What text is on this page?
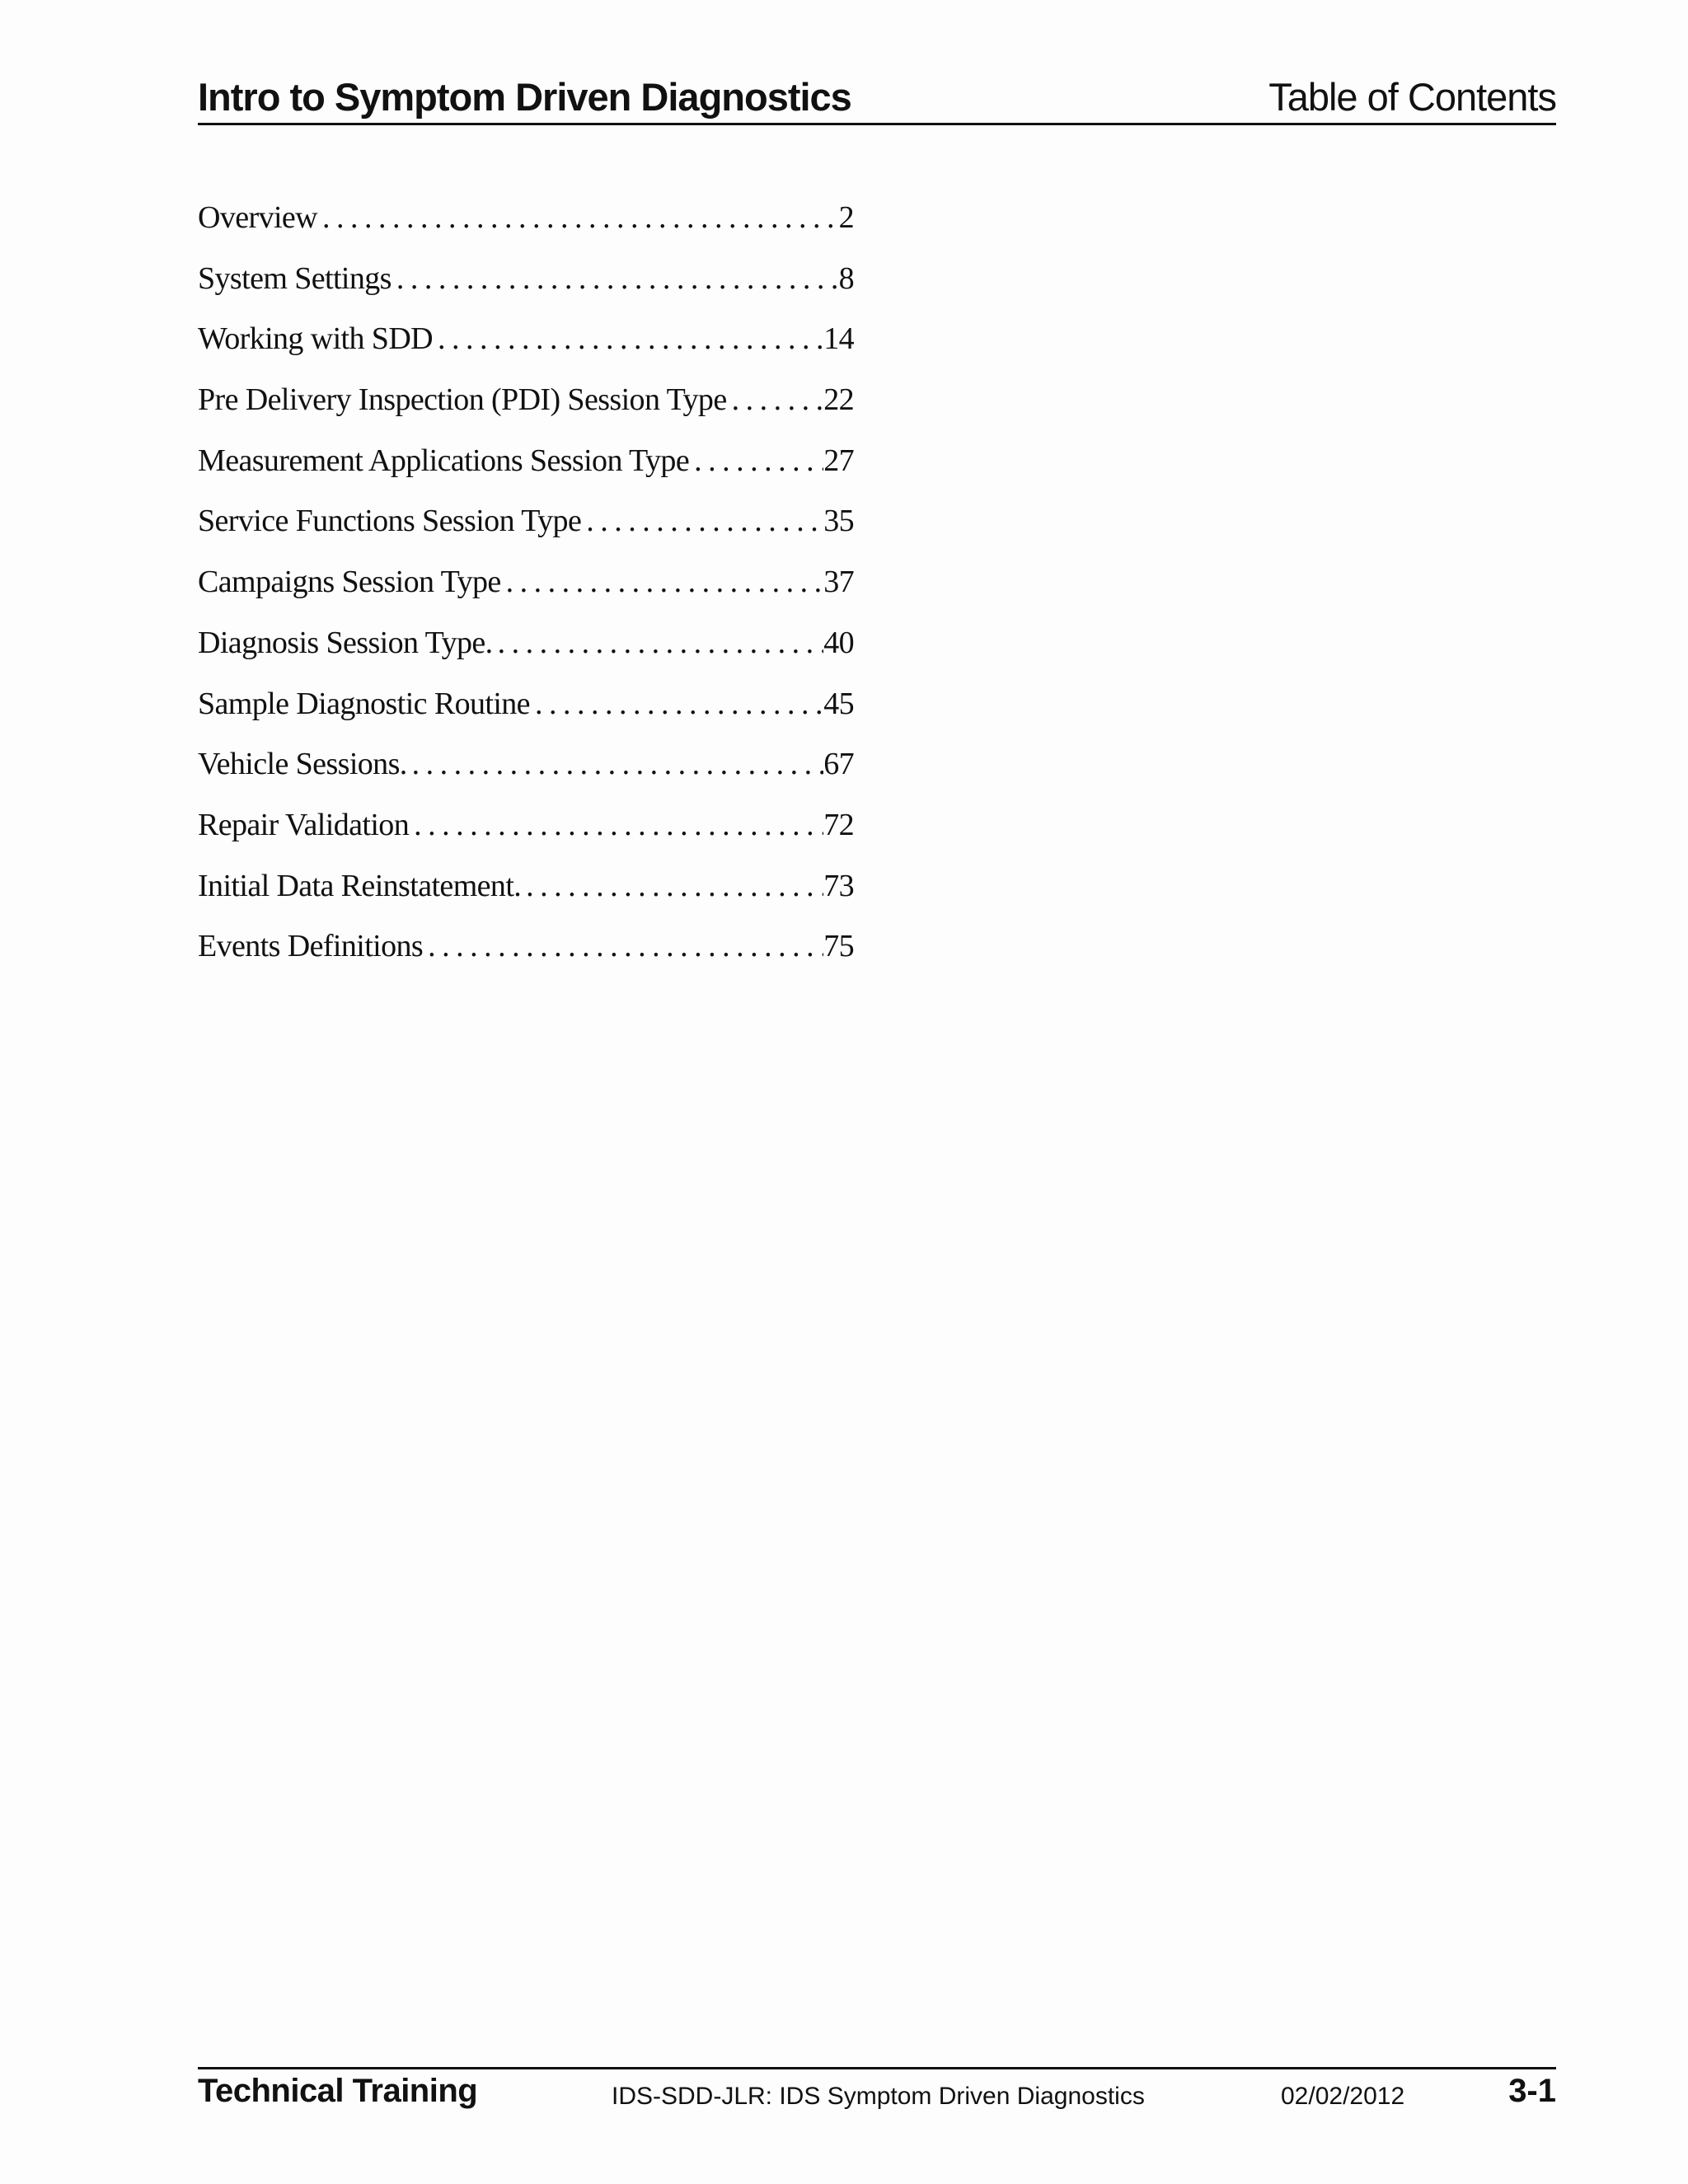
Intro to Symptom Driven Diagnostics	Table of Contents
Overview . . .	2
System Settings . . .	8
Working with SDD . . .	14
Pre Delivery Inspection (PDI) Session Type . . .	22
Measurement Applications Session Type . . .	27
Service Functions Session Type . . .	35
Campaigns Session Type . . .	37
Diagnosis Session Type. . . .	40
Sample Diagnostic Routine . . .	45
Vehicle Sessions. . . .	67
Repair Validation . . .	72
Initial Data Reinstatement. . . .	73
Events Definitions . . .	75
Technical Training	IDS-SDD-JLR: IDS Symptom Driven Diagnostics	02/02/2012	3-1
